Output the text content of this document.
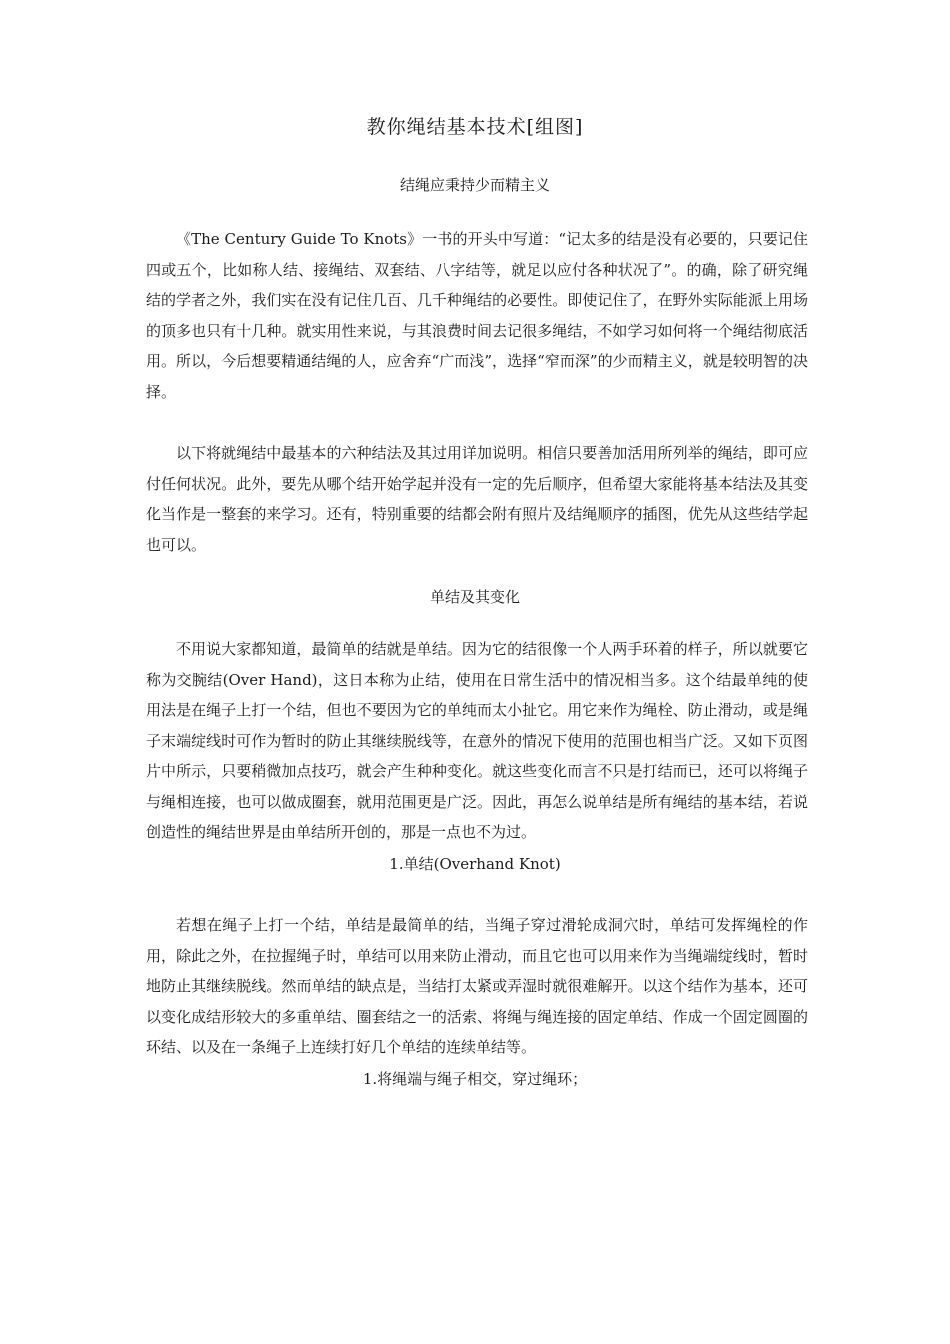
教你绳结基本技术[组图]
结绳应秉持少而精主义

《The Century Guide To Knots》一书的开头中写道：“记太多的结是没有必要的，只要记住四或五个，比如称人结、接绳结、双套结、八字结等，就足以应付各种状况了”。的确，除了研究绳结的学者之外，我们实在没有记住几百、几千种绳结的必要性。即使记住了，在野外实际能派上用场的顶多也只有十几种。就实用性来说，与其浪费时间去记很多绳结，不如学习如何将一个绳结彻底活用。所以，今后想要精通结绳的人，应舍弃“广而浅”，选择“窄而深”的少而精主义，就是较明智的决择。

以下将就绳结中最基本的六种结法及其过用详加说明。相信只要善加活用所列举的绳结，即可应付任何状况。此外，要先从哪个结开始学起并没有一定的先后顺序，但希望大家能将基本结法及其变化当作是一整套的来学习。还有，特别重要的结都会附有照片及结绳顺序的插图，优先从这些结学起也可以。

单结及其变化

不用说大家都知道，最简单的结就是单结。因为它的结很像一个人两手环着的样子，所以就要它称为交腕结(Over Hand)，这日本称为止结，使用在日常生活中的情况相当多。这个结最单纯的使用法是在绳子上打一个结，但也不要因为它的单纯而太小扯它。用它来作为绳栓、防止滑动，或是绳子末端绽线时可作为暂时的防止其继续脱线等，在意外的情况下使用的范围也相当广泛。又如下页图片中所示，只要稍微加点技巧，就会产生种种变化。就这些变化而言不只是打结而已，还可以将绳子与绳相连接，也可以做成圈套，就用范围更是广泛。因此，再怎么说单结是所有绳结的基本结，若说创造性的绳结世界是由单结所开创的，那是一点也不为过。

1.单结(Overhand Knot)

若想在绳子上打一个结，单结是最简单的结，当绳子穿过滑轮成洞穴时，单结可发挥绳栓的作用，除此之外，在拉握绳子时，单结可以用来防止滑动，而且它也可以用来作为当绳端绽线时，暂时地防止其继续脱线。然而单结的缺点是，当结打太紧或弄湿时就很难解开。以这个结作为基本，还可以变化成结形较大的多重单结、圈套结之一的活索、将绳与绳连接的固定单结、作成一个固定圆圈的环结、以及在一条绳子上连续打好几个单结的连续单结等。

1.将绳端与绳子相交，穿过绳环；
